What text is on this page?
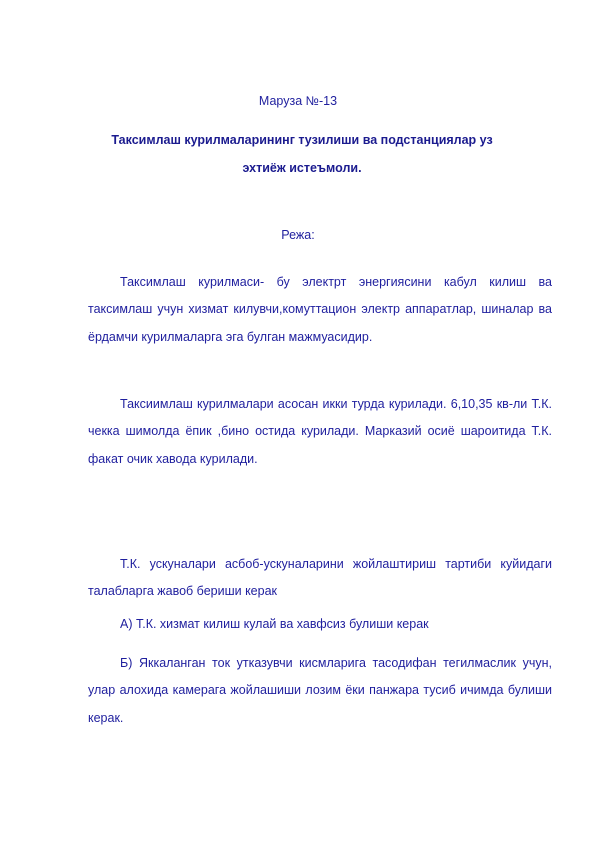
Маруза №-13
Таксимлаш курилмаларининг тузилиши ва подстанциялар уз эхтиёж истеъмоли.
Режа:

Таксимлаш курилмаси- бу электрт энергиясини кабул килиш ва таксимлаш учун хизмат килувчи,комуттацион электр аппаратлар, шиналар ва ёрдамчи курилмаларга эга булган мажмуасидир.

Таксиимлаш курилмалари асосан икки турда курилади. 6,10,35 кв-ли Т.К. чекка шимолда ёпик ,бино остида курилади. Марказий осиё шароитида Т.К. факат очик хаводa курилади.

Т.К. ускуналари асбоб-ускуналарини жойлаштириш тартиби куйидаги талабларга жавоб бериши керак

А) Т.К. хизмат килиш кулай ва хавфсиз булиши керак

Б) Яккаланган ток утказувчи кисмларига тасодифан тегилмаслик учун, улар алохида камерага жойлашиши лозим ёки панжара тусиб ичимда булиши керак.
